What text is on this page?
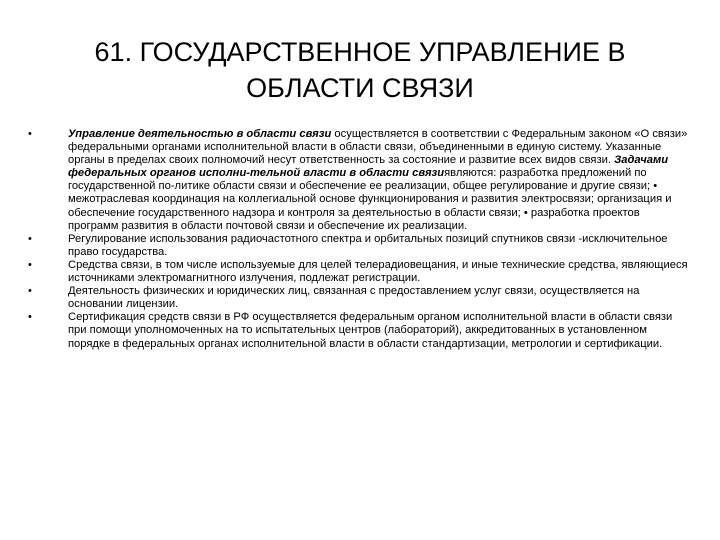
61. ГОСУДАРСТВЕННОЕ УПРАВЛЕНИЕ В
ОБЛАСТИ СВЯЗИ
•	Управление деятельностью в области связи осуществляется в соответствии с Федеральным законом «О связи» федеральными органами исполнительной власти в области связи, объединенными в единую систему. Указанные органы в пределах своих полномочий несут ответственность за состояние и развитие всех видов связи. Задачами федеральных органов исполни-тельной власти в области связиявляются: разработка предложений по государственной по-литике области связи и обеспечение ее реализации, общее регулирование и другие связи; • межотраслевая координация на коллегиальной основе функционирования и развития электросвязи; организация и обеспечение государственного надзора и контроля за деятельностью в области связи; • разработка проектов программ развития в области почтовой связи и обеспечение их реализации.
•	Регулирование использования радиочастотного спектра и орбитальных позиций спутников связи -исключительное право государства.
•	Средства связи, в том числе используемые для целей телерадиовещания, и иные технические средства, являющиеся источниками электромагнитного излучения, подлежат регистрации.
•	Деятельность физических и юридических лиц, связанная с предоставлением услуг связи, осуществляется на основании лицензии.
•	Сертификация средств связи в РФ осуществляется федеральным органом исполнительной власти в области связи при помощи уполномоченных на то испытательных центров (лабораторий), аккредитованных в установленном порядке в федеральных органах исполнительной власти в области стандартизации, метрологии и сертификации.
